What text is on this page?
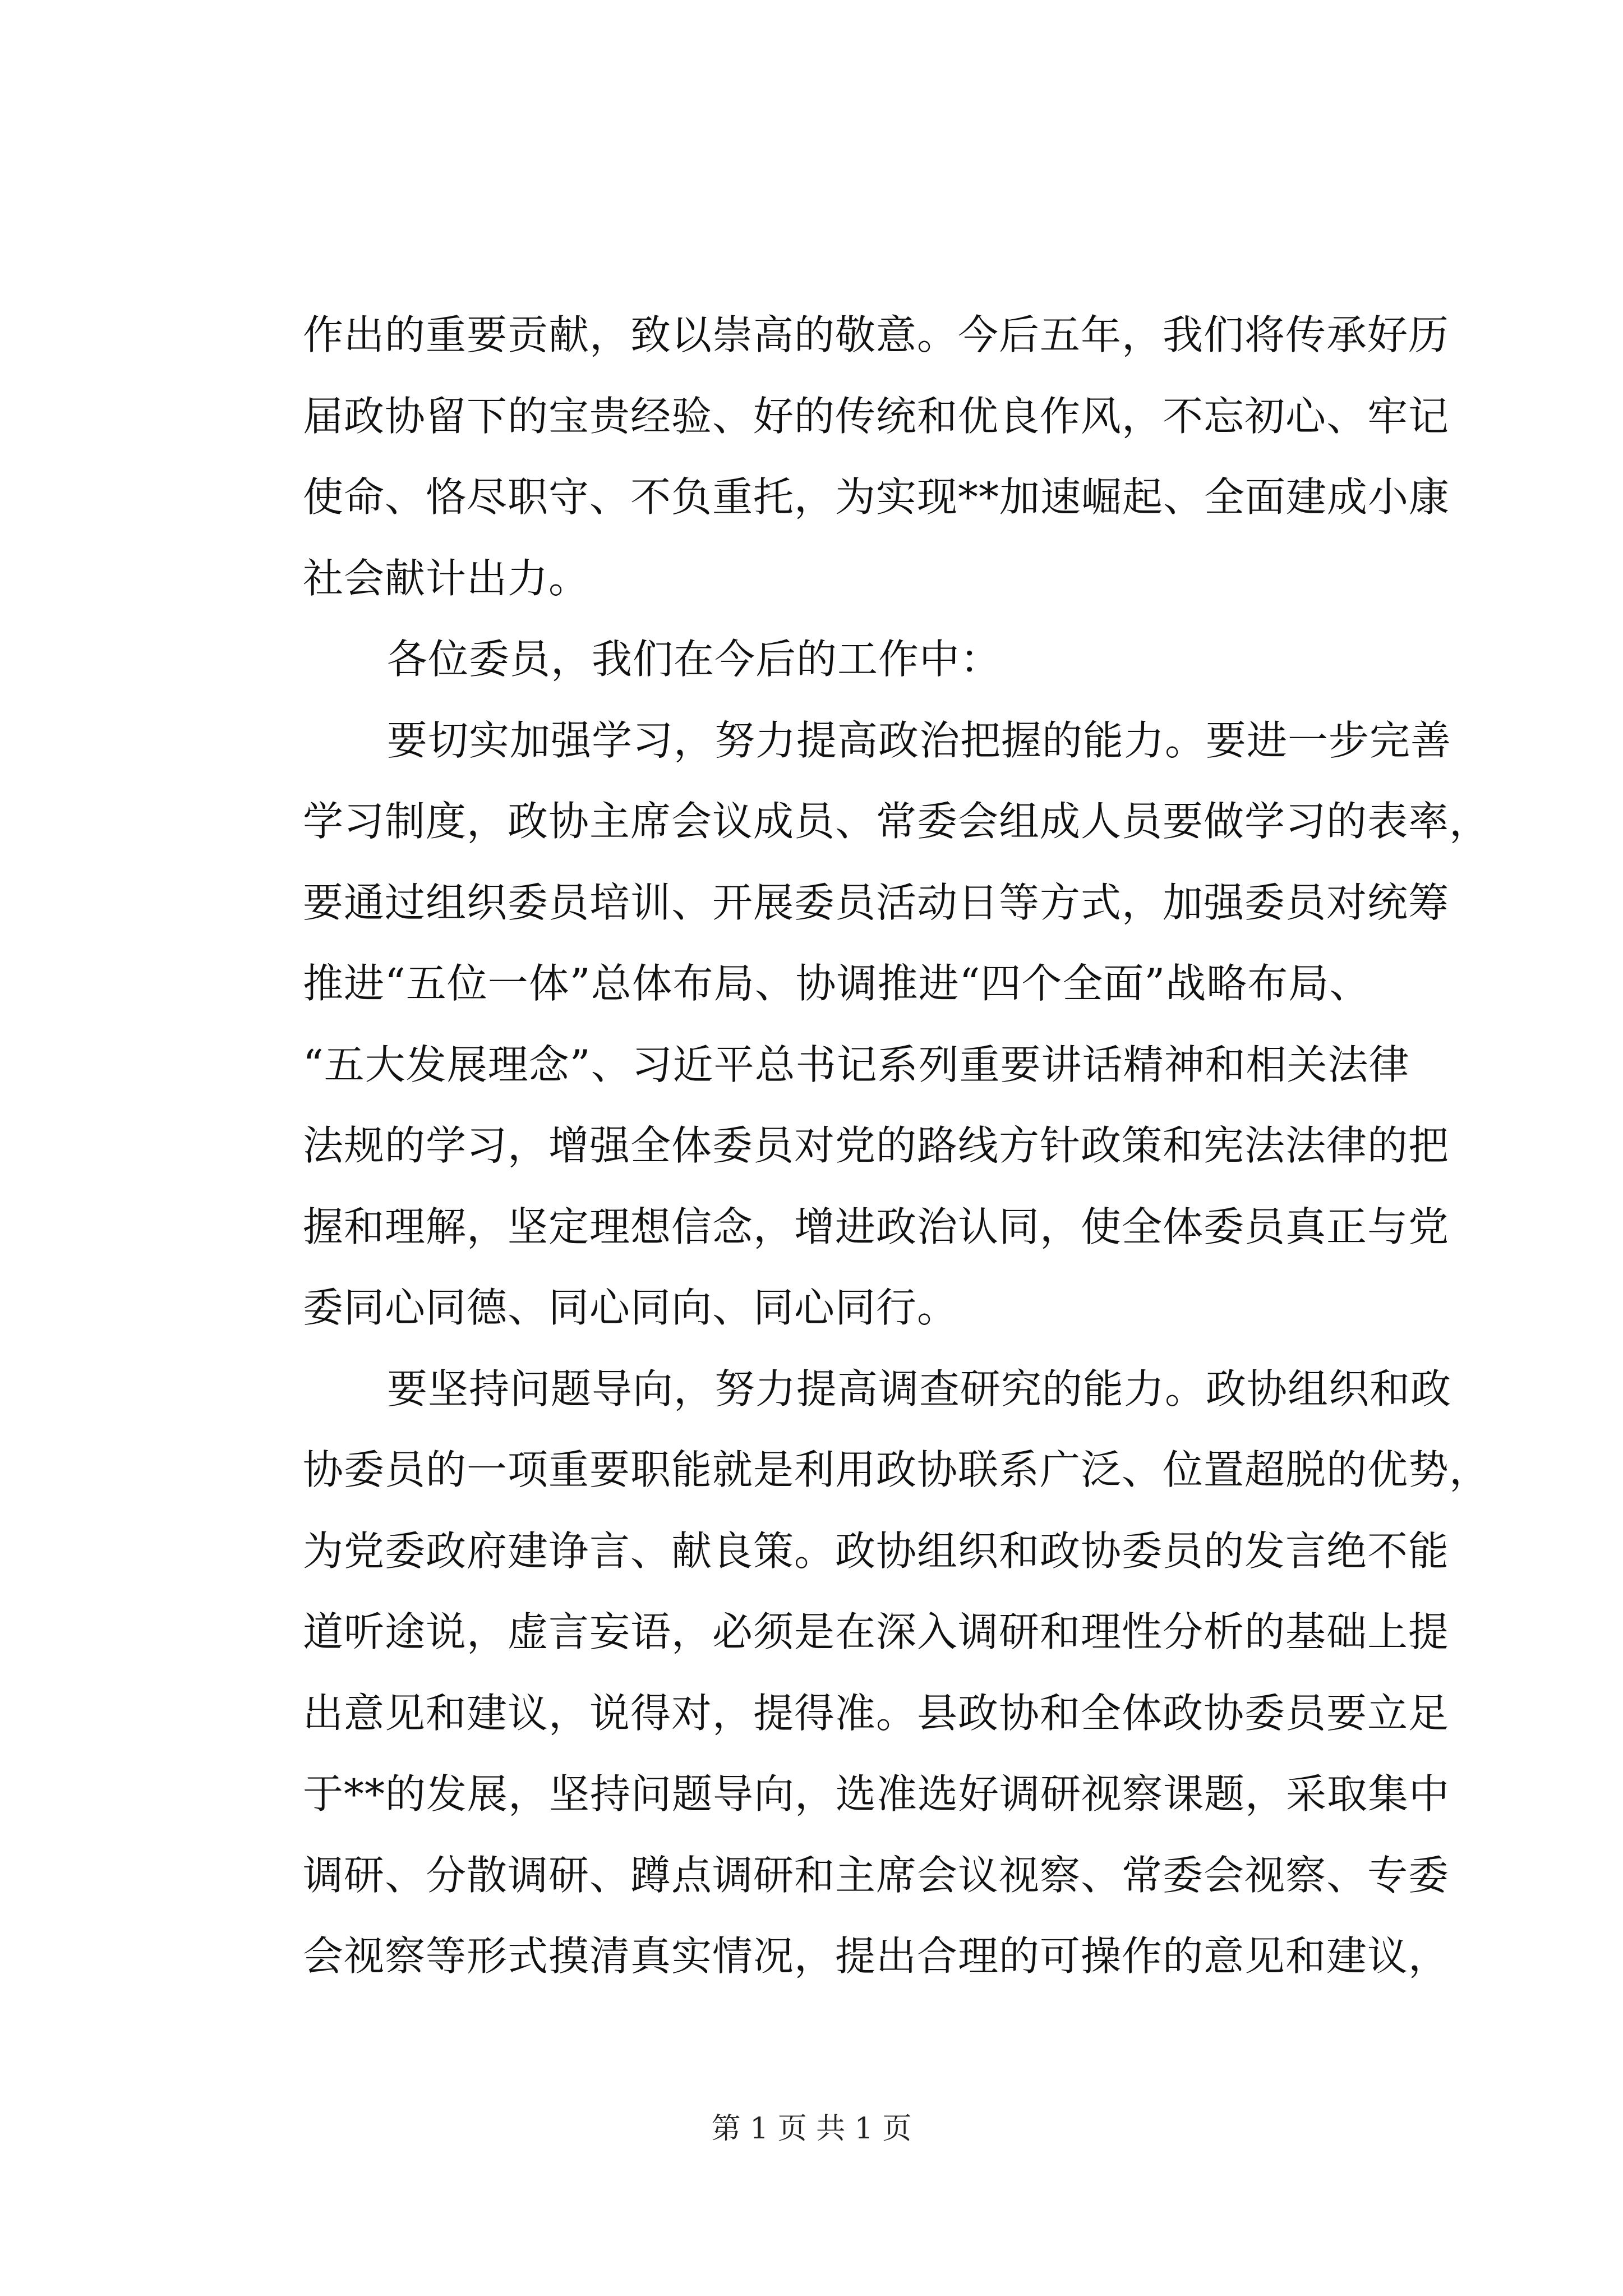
作出的重要贡献，致以崇高的敬意。今后五年，我们将传承好历
届政协留下的宝贵经验、好的传统和优良作风，不忘初心、牢记
使命、恪尽职守、不负重托，为实现**加速崛起、全面建成小康
社会献计出力。
各位委员，我们在今后的工作中：
要切实加强学习，努力提高政治把握的能力。要进一步完善
学习制度，政协主席会议成员、常委会组成人员要做学习的表率，
要通过组织委员培训、开展委员活动日等方式，加强委员对统筹
推进“五位一体”总体布局、协调推进“四个全面”战略布局、
“五大发展理念”、习近平总书记系列重要讲话精神和相关法律
法规的学习，增强全体委员对党的路线方针政策和宪法法律的把
握和理解，坚定理想信念，增进政治认同，使全体委员真正与党
委同心同德、同心同向、同心同行。
要坚持问题导向，努力提高调查研究的能力。政协组织和政
协委员的一项重要职能就是利用政协联系广泛、位置超脱的优势，
为党委政府建诤言、献良策。政协组织和政协委员的发言绝不能
道听途说，虚言妄语，必须是在深入调研和理性分析的基础上提
出意见和建议，说得对，提得准。县政协和全体政协委员要立足
于**的发展，坚持问题导向，选准选好调研视察课题，采取集中
调研、分散调研、蹲点调研和主席会议视察、常委会视察、专委
会视察等形式摸清真实情况，提出合理的可操作的意见和建议，
第 1 页 共 1 页
